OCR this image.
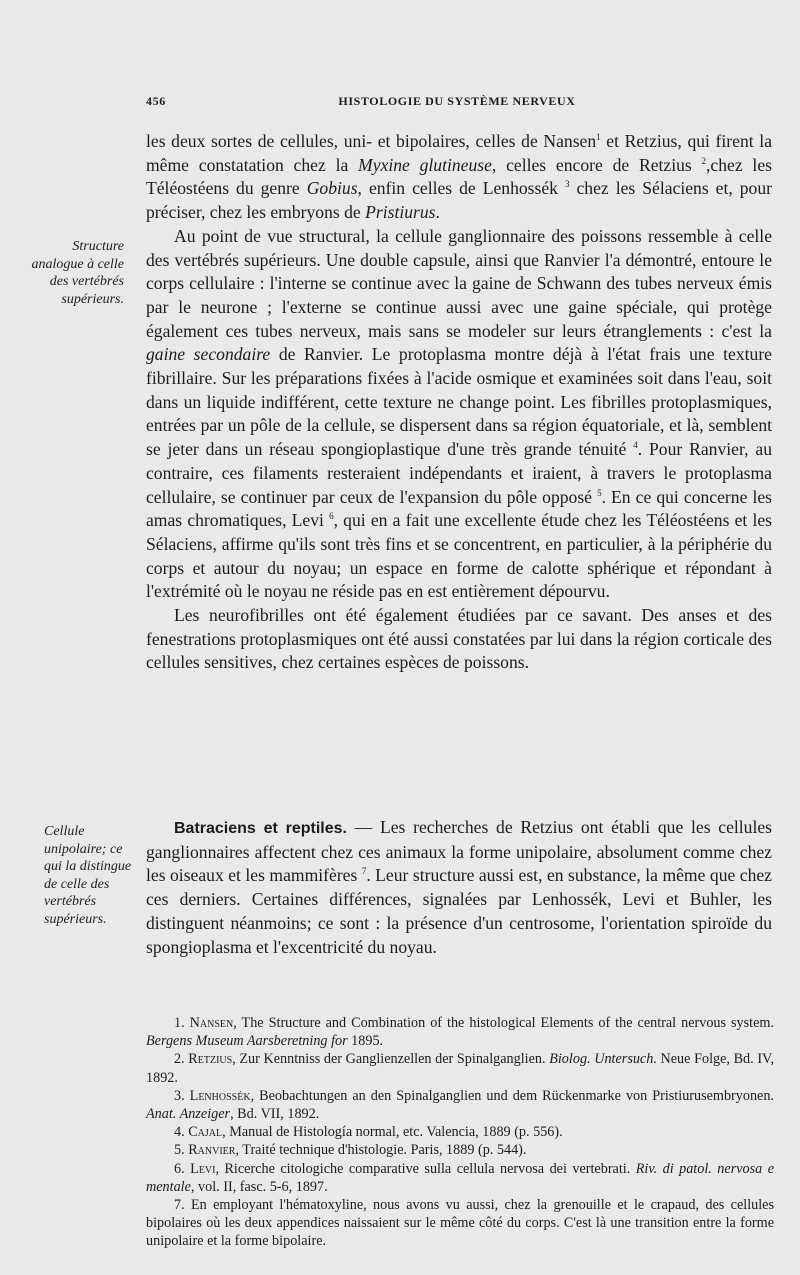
456	HISTOLOGIE DU SYSTÈME NERVEUX
Structure analogue à celle des vertébrés supérieurs.
Cellule unipolaire; ce qui la distingue de celle des vertébrés supérieurs.

les deux sortes de cellules, uni- et bipolaires, celles de Nansen$^1$ et Retzius, qui firent la même constatation chez la Myxine glutineuse, celles encore de Retzius $^2$,chez les Téléostéens du genre Gobius, enfin celles de Lenhossék $^3$ chez les Sélaciens et, pour préciser, chez les embryons de Pristiurus.

Au point de vue structural, la cellule ganglionnaire des poissons ressemble à celle des vertébrés supérieurs. Une double capsule, ainsi que Ranvier l'a démontré, entoure le corps cellulaire : l'interne se continue avec la gaine de Schwann des tubes nerveux émis par le neurone ; l'externe se continue aussi avec une gaine spéciale, qui protège également ces tubes nerveux, mais sans se modeler sur leurs étranglements : c'est la gaine secondaire de Ranvier. Le protoplasma montre déjà à l'état frais une texture fibrillaire. Sur les préparations fixées à l'acide osmique et examinées soit dans l'eau, soit dans un liquide indifférent, cette texture ne change point. Les fibrilles protoplasmiques, entrées par un pôle de la cellule, se dispersent dans sa région équatoriale, et là, semblent se jeter dans un réseau spongioplastique d'une très grande ténuité $^4$. Pour Ranvier, au contraire, ces filaments resteraient indépendants et iraient, à travers le protoplasma cellulaire, se continuer par ceux de l'expansion du pôle opposé $^5$. En ce qui concerne les amas chromatiques, Levi $^6$, qui en a fait une excellente étude chez les Téléostéens et les Sélaciens, affirme qu'ils sont très fins et se concentrent, en particulier, à la périphérie du corps et autour du noyau; un espace en forme de calotte sphérique et répondant à l'extrémité où le noyau ne réside pas en est entièrement dépourvu.

Les neurofibrilles ont été également étudiées par ce savant. Des anses et des fenestrations protoplasmiques ont été aussi constatées par lui dans la région corticale des cellules sensitives, chez certaines espèces de poissons.

Batraciens et reptiles. — Les recherches de Retzius ont établi que les cellules ganglionnaires affectent chez ces animaux la forme unipolaire, absolument comme chez les oiseaux et les mammifères $^7$. Leur structure aussi est, en substance, la même que chez ces derniers. Certaines différences, signalées par Lenhossék, Levi et Buhler, les distinguent néanmoins; ce sont : la présence d'un centrosome, l'orientation spiroïde du spongioplasma et l'excentricité du noyau.

1. Nansen, The Structure and Combination of the histological Elements of the central nervous system. Bergens Museum Aarsberetning for 1895.

2. Retzius, Zur Kenntniss der Ganglienzellen der Spinalganglien. Biolog. Untersuch. Neue Folge, Bd. IV, 1892.

3. Lenhossék, Beobachtungen an den Spinalganglien und dem Rückenmarke von Pristiurusembryonen. Anat. Anzeiger, Bd. VII, 1892.

4. Cajal, Manual de Histología normal, etc. Valencia, 1889 (p. 556).

5. Ranvier, Traité technique d'histologie. Paris, 1889 (p. 544).

6. Levi, Ricerche citologiche comparative sulla cellula nervosa dei vertebrati. Riv. di patol. nervosa e mentale, vol. II, fasc. 5-6, 1897.

7. En employant l'hématoxyline, nous avons vu aussi, chez la grenouille et le crapaud, des cellules bipolaires où les deux appendices naissaient sur le même côté du corps. C'est là une transition entre la forme unipolaire et la forme bipolaire.
